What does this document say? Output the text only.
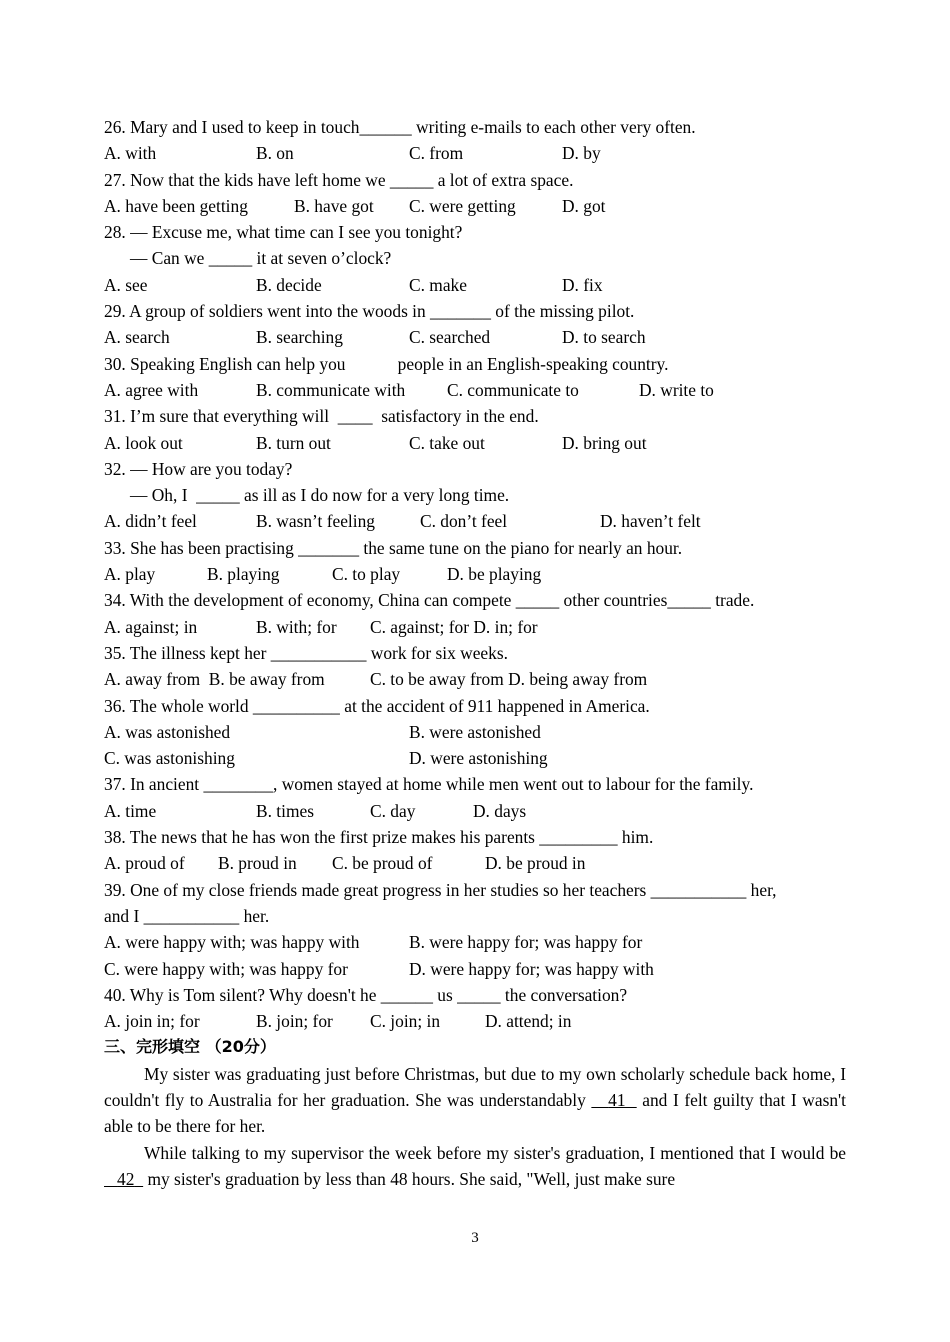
26. Mary and I used to keep in touch______ writing e-mails to each other very often.
A. with	B. on	C. from	D. by
27. Now that the kids have left home we _____ a lot of extra space.
A. have been getting	B. have got C. were getting	D. got
28. — Excuse me, what time can I see you tonight?
— Can we _____ it at seven o’clock?
A. see	B. decide	C. make	D. fix
29. A group of soldiers went into the woods in _______ of the missing pilot.
A. search	B. searching	C. searched	D. to search
30. Speaking English can help you            people in an English-speaking country.
A. agree with	B. communicate with C. communicate to	D. write to
31. I’m sure that everything will  ____  satisfactory in the end.
A. look out	B. turn out	C. take out	D. bring out
32. — How are you today?
— Oh, I  _____ as ill as I do now for a very long time.
A. didn’t feel	B. wasn’t feeling	C. don’t feel	D. haven’t felt
33. She has been practising _______ the same tune on the piano for nearly an hour.
A. play	B. playing	C. to play	D. be playing
34. With the development of economy, China can compete _____ other countries_____ trade.
A. against; in	B. with; for C. against; for D. in; for
35. The illness kept her ___________ work for six weeks.

A. away from  B. be away from

	C. to be away from D. being away from

36. The whole world __________ at the accident of 911 happened in America.
A. was astonished	B. were astonished
C. was astonishing	D. were astonishing
37. In ancient ________, women stayed at home while men went out to labour for the family.
A. time	B. times	C. day	D. days
38. The news that he has won the first prize makes his parents _________ him.
A. proud of B. proud in C. be proud of	D. be proud in
39. One of my close friends made great progress in her studies so her teachers ___________ her,
and I ___________ her.
A. were happy with; was happy with	B. were happy for; was happy for
C. were happy with; was happy for	D. were happy for; was happy with
40. Why is Tom silent? Why doesn't he ______ us _____ the conversation?
A. join in; for	B. join; for C. join; in	D. attend; in
三、完形填空 （20分）

My sister was graduating just before Christmas, but due to my own scholarly schedule back home, I couldn't fly to Australia for her graduation. She was understandably    41   and I felt guilty that I wasn't able to be there for her.

While talking to my supervisor the week before my sister's graduation, I mentioned that I would be    42   my sister's graduation by less than 48 hours. She said, "Well, just make sure

3
